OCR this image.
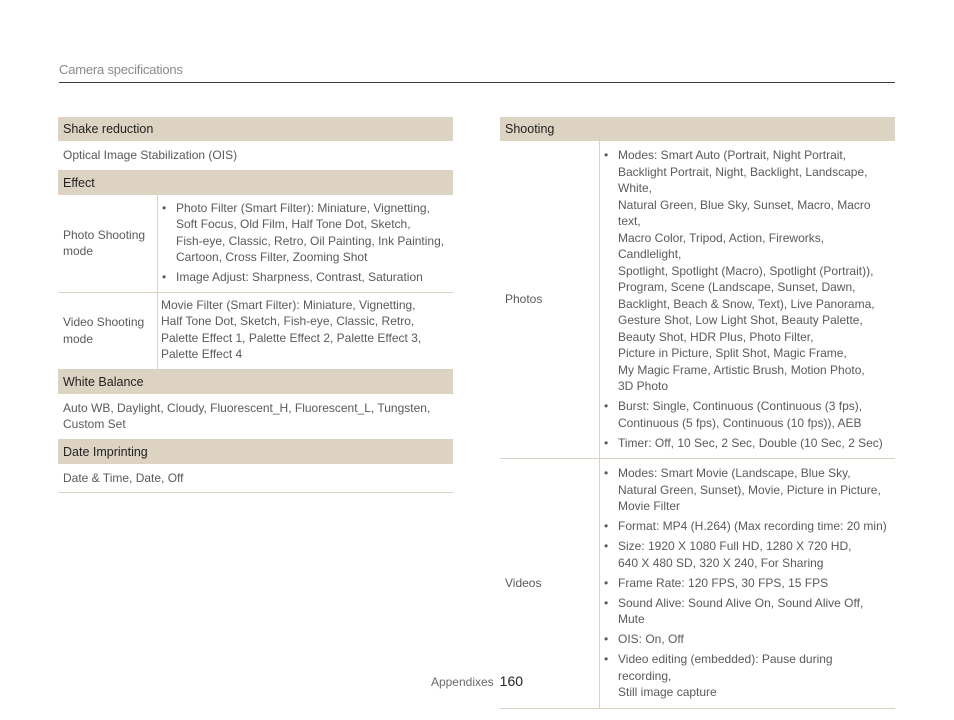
Camera specifications
Shake reduction
Optical Image Stabilization (OIS)
Effect
Photo Shooting
mode
• Photo Filter (Smart Filter): Miniature, Vignetting,
Soft Focus, Old Film, Half Tone Dot, Sketch,
Fish-eye, Classic, Retro, Oil Painting, Ink Painting,
Cartoon, Cross Filter, Zooming Shot
• Image Adjust: Sharpness, Contrast, Saturation
Video Shooting
mode
Movie Filter (Smart Filter): Miniature, Vignetting,
Half Tone Dot, Sketch, Fish-eye, Classic, Retro,
Palette Effect 1, Palette Effect 2, Palette Effect 3,
Palette Effect 4
White Balance
Auto WB, Daylight, Cloudy, Fluorescent_H, Fluorescent_L, Tungsten,
Custom Set
Date Imprinting
Date & Time, Date, Off
Shooting
Photos
• Modes: Smart Auto (Portrait, Night Portrait,
Backlight Portrait, Night, Backlight, Landscape, White,
Natural Green, Blue Sky, Sunset, Macro, Macro text,
Macro Color, Tripod, Action, Fireworks, Candlelight,
Spotlight, Spotlight (Macro), Spotlight (Portrait)),
Program, Scene (Landscape, Sunset, Dawn,
Backlight, Beach & Snow, Text), Live Panorama,
Gesture Shot, Low Light Shot, Beauty Palette,
Beauty Shot, HDR Plus, Photo Filter,
Picture in Picture, Split Shot, Magic Frame,
My Magic Frame, Artistic Brush, Motion Photo,
3D Photo
• Burst: Single, Continuous (Continuous (3 fps),
Continuous (5 fps), Continuous (10 fps)), AEB
• Timer: Off, 10 Sec, 2 Sec, Double (10 Sec, 2 Sec)
Videos
• Modes: Smart Movie (Landscape, Blue Sky,
Natural Green, Sunset), Movie, Picture in Picture,
Movie Filter
• Format: MP4 (H.264) (Max recording time: 20 min)
• Size: 1920 X 1080 Full HD, 1280 X 720 HD,
640 X 480 SD, 320 X 240, For Sharing
• Frame Rate: 120 FPS, 30 FPS, 15 FPS
• Sound Alive: Sound Alive On, Sound Alive Off, Mute
• OIS: On, Off
• Video editing (embedded): Pause during recording,
Still image capture
Appendixes 160
